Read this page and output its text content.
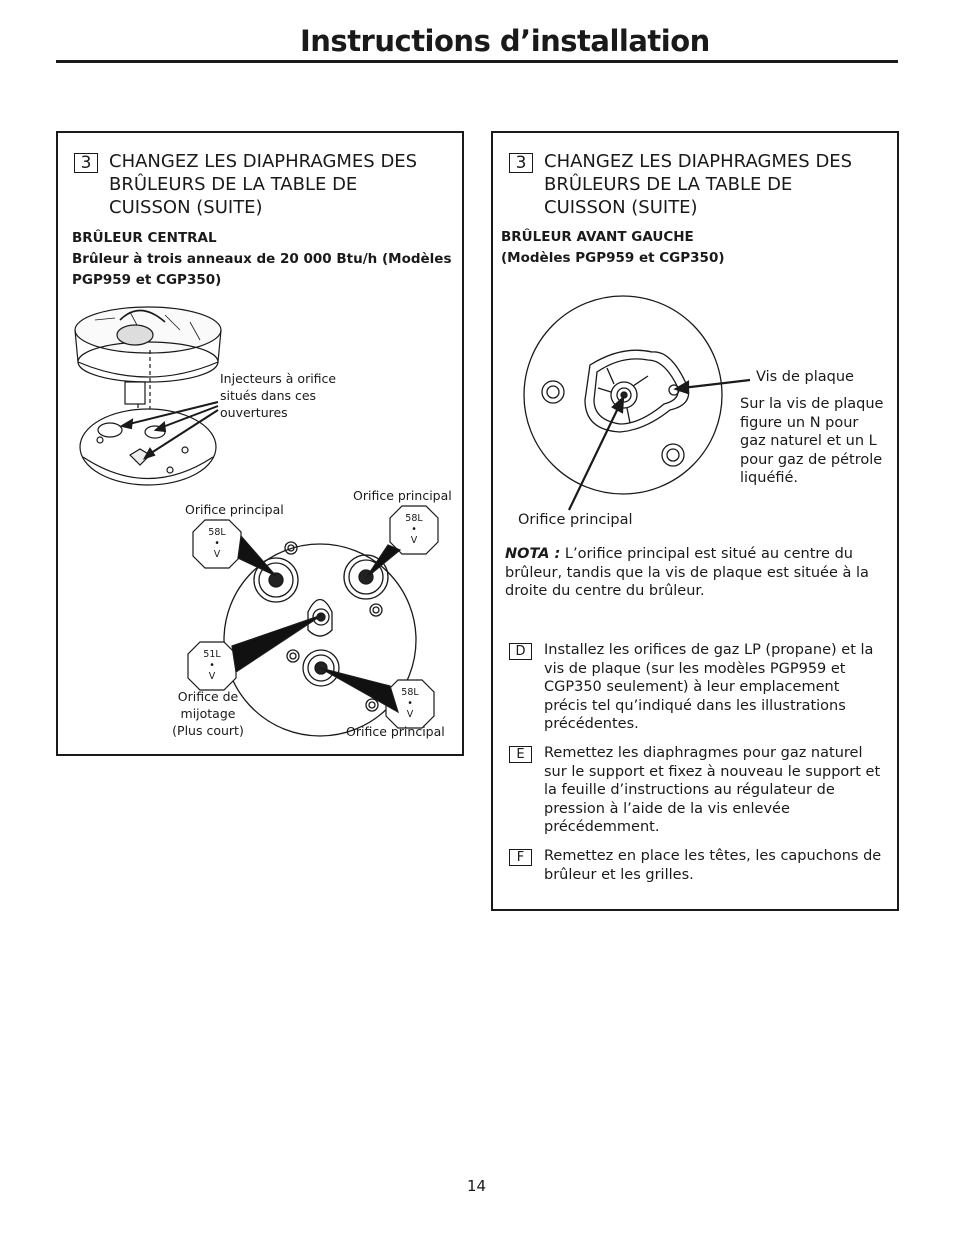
Instructions d’installation
3 CHANGEZ LES DIAPHRAGMES DES
BRÛLEURS DE LA TABLE DE
CUISSON (SUITE)
BRÛLEUR CENTRAL
Brûleur à trois anneaux de 20 000 Btu/h (Modèles
PGP959 et CGP350)
Injecteurs à orifice
situés dans ces
ouvertures
Orifice principal
Orifice principal
Orifice principal
Orifice de mijotage
(Plus court)
58L
•
V
58L
•
V
51L
•
V
58L
•
V
3 CHANGEZ LES DIAPHRAGMES DES
BRÛLEURS DE LA TABLE DE
CUISSON (SUITE)
BRÛLEUR AVANT GAUCHE
(Modèles PGP959 et CGP350)
Vis de plaque
Sur la vis de plaque
figure un N pour
gaz naturel et un L
pour gaz de pétrole
liquéfié.
Orifice principal
NOTA : L’orifice principal est situé au centre du
brûleur, tandis que la vis de plaque est située à la
droite du centre du brûleur.
D	Installez les orifices de gaz LP (propane) et la
vis de plaque (sur les modèles PGP959 et
CGP350 seulement) à leur emplacement
précis tel qu’indiqué dans les illustrations
précédentes.
E	Remettez les diaphragmes pour gaz naturel
sur le support et fixez à nouveau le support et
la feuille d’instructions au régulateur de
pression à l’aide de la vis enlevée
précédemment.
F	Remettez en place les têtes, les capuchons de
brûleur et les grilles.
14
